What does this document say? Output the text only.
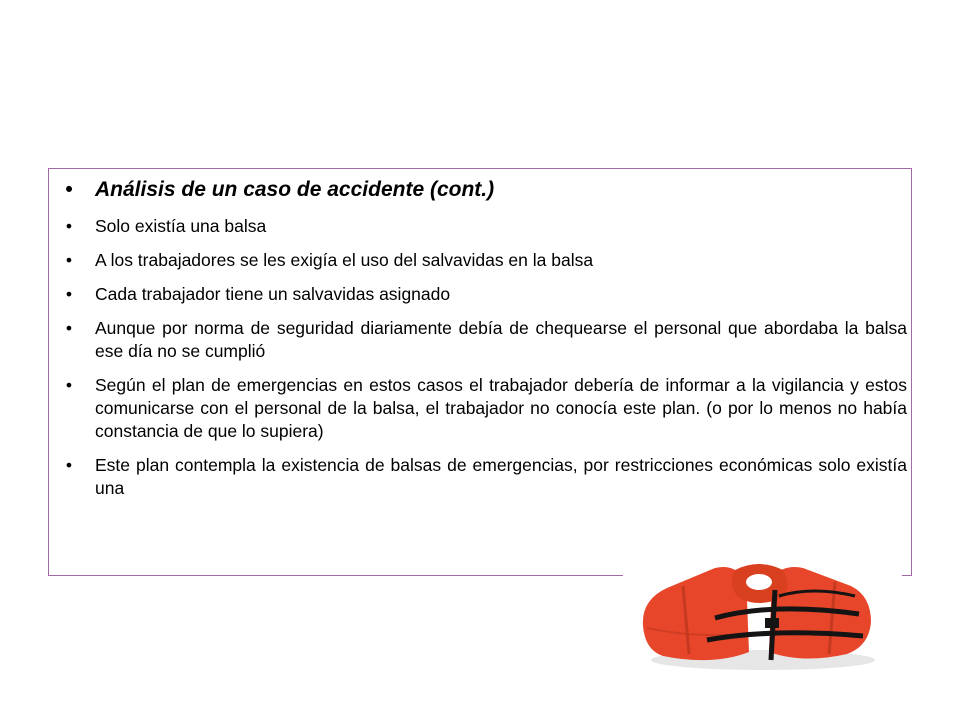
•	Análisis de un caso de accidente (cont.)
•	Solo existía una balsa
•	A los trabajadores se les exigía el uso del salvavidas en la balsa
•	Cada trabajador tiene un salvavidas asignado
•	Aunque por norma de seguridad diariamente debía de chequearse el personal que abordaba la balsa ese día no se cumplió
•	Según el plan de emergencias en estos casos el trabajador debería de informar a la vigilancia y estos comunicarse con el personal de la balsa, el trabajador no conocía este plan. (o por lo menos no había constancia de que lo supiera)
•	Este plan contempla la existencia de balsas de emergencias, por restricciones económicas solo existía una
